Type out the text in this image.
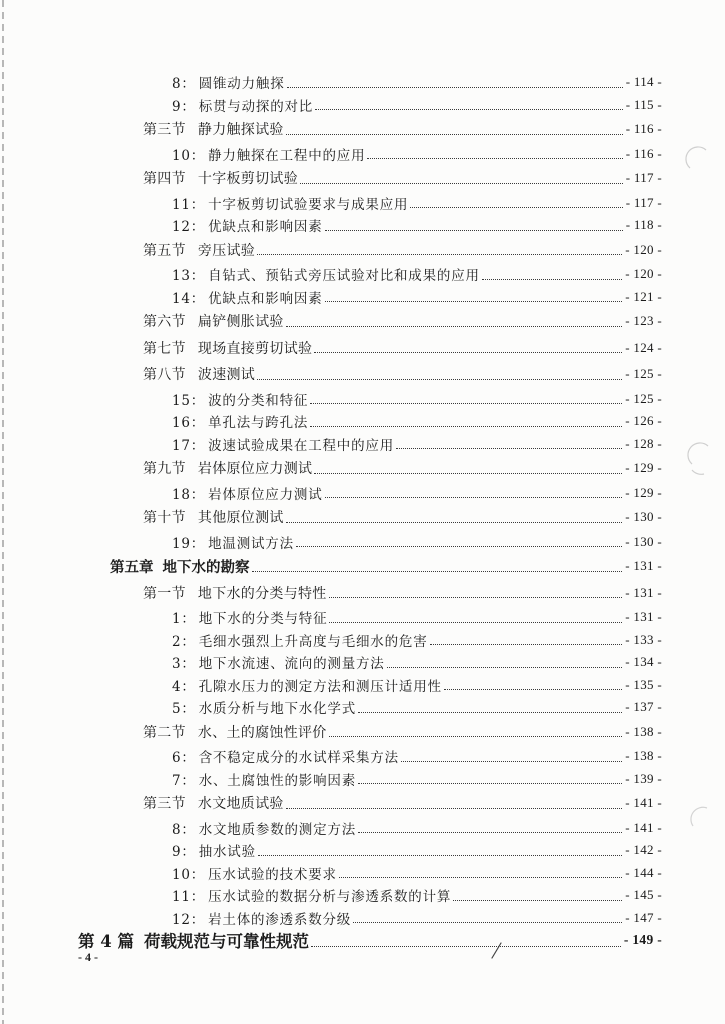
8： 圆锥动力触探	- 114 -
9： 标贯与动探的对比	- 115 -
第三节 静力触探试验	- 116 -
10： 静力触探在工程中的应用	- 116 -
第四节 十字板剪切试验	- 117 -
11： 十字板剪切试验要求与成果应用	- 117 -
12： 优缺点和影响因素	- 118 -
第五节 旁压试验	- 120 -
13： 自钻式、预钻式旁压试验对比和成果的应用	- 120 -
14： 优缺点和影响因素	- 121 -
第六节 扁铲侧胀试验	- 123 -
第七节 现场直接剪切试验	- 124 -
第八节 波速测试	- 125 -
15： 波的分类和特征	- 125 -
16： 单孔法与跨孔法	- 126 -
17： 波速试验成果在工程中的应用	- 128 -
第九节 岩体原位应力测试	- 129 -
18： 岩体原位应力测试	- 129 -
第十节 其他原位测试	- 130 -
19： 地温测试方法	- 130 -
第五章 地下水的勘察	- 131 -
第一节 地下水的分类与特性	- 131 -
1： 地下水的分类与特征	- 131 -
2： 毛细水强烈上升高度与毛细水的危害	- 133 -
3： 地下水流速、流向的测量方法	- 134 -
4： 孔隙水压力的测定方法和测压计适用性	- 135 -
5： 水质分析与地下水化学式	- 137 -
第二节 水、土的腐蚀性评价	- 138 -
6： 含不稳定成分的水试样采集方法	- 138 -
7： 水、土腐蚀性的影响因素	- 139 -
第三节 水文地质试验	- 141 -
8： 水文地质参数的测定方法	- 141 -
9： 抽水试验	- 142 -
10： 压水试验的技术要求	- 144 -
11： 压水试验的数据分析与渗透系数的计算	- 145 -
12： 岩土体的渗透系数分级	- 147 -
第 4 篇 荷载规范与可靠性规范	- 149 -
- 4 -
